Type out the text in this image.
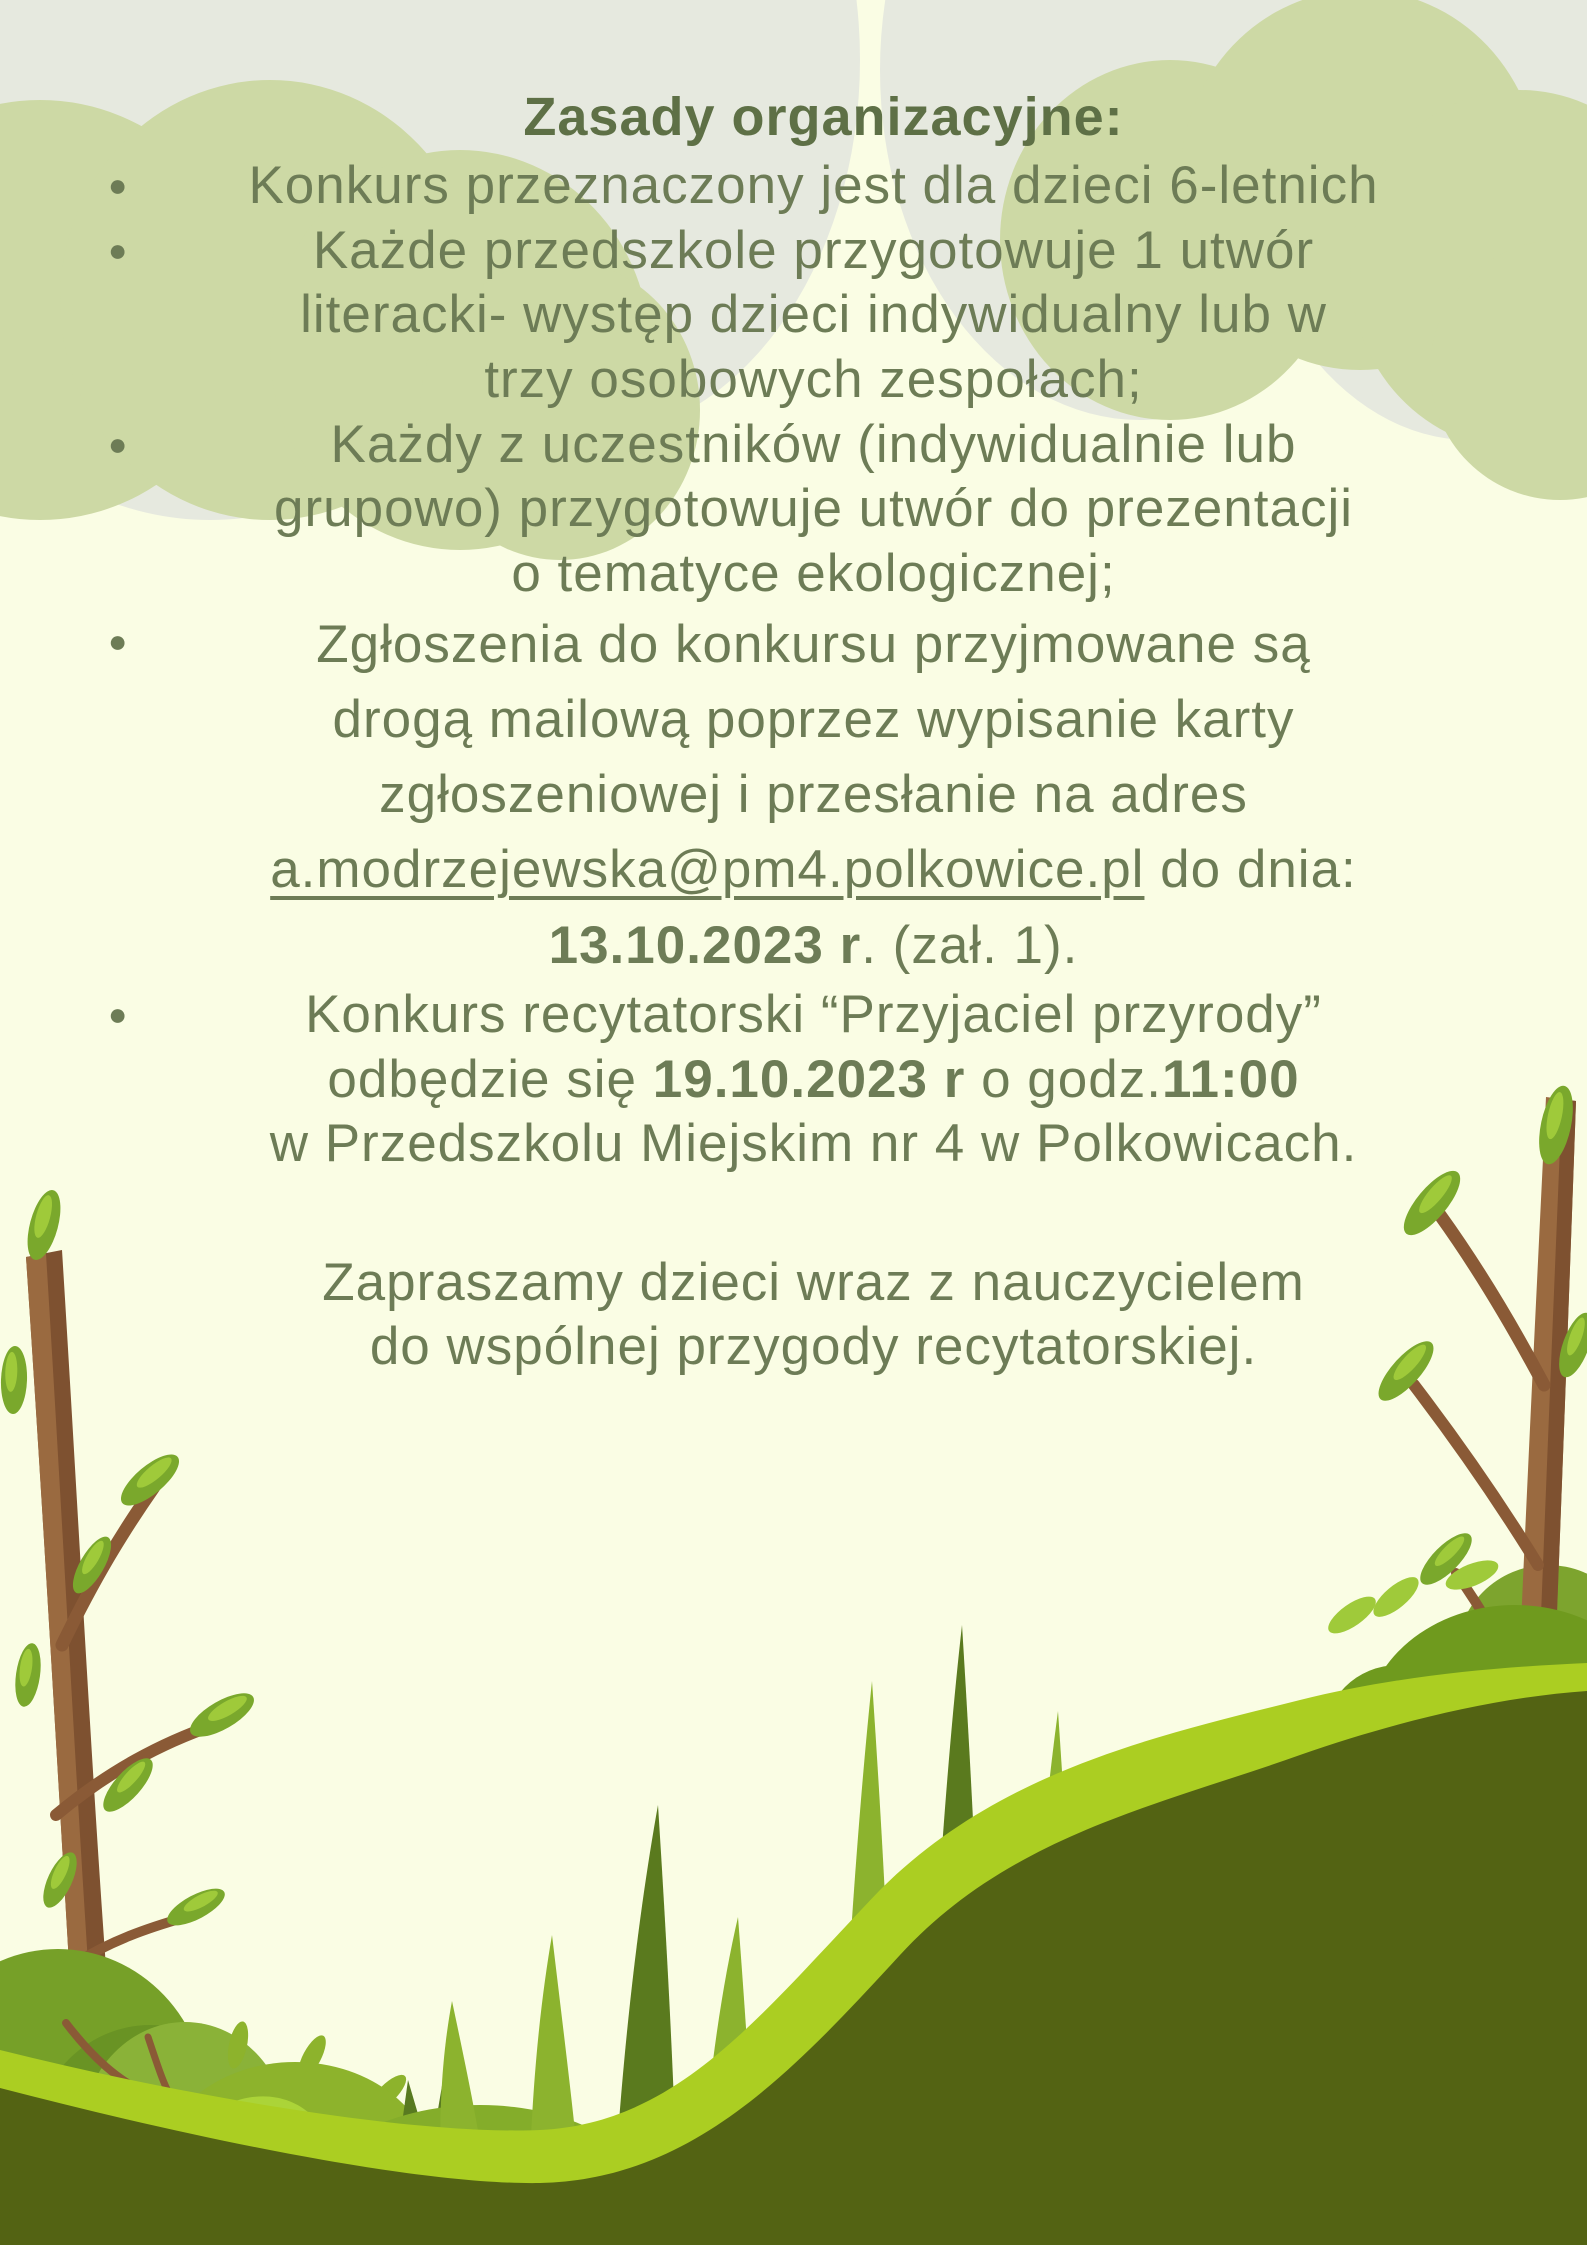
Zasady organizacyjne:
● Konkurs przeznaczony jest dla dzieci 6-letnich
● Każde przedszkole przygotowuje 1 utwór
literacki- występ dzieci indywidualny lub w
trzy osobowych zespołach;
● Każdy z uczestników (indywidualnie lub
grupowo) przygotowuje utwór do prezentacji
o tematyce ekologicznej;
● Zgłoszenia do konkursu przyjmowane są
drogą mailową poprzez wypisanie karty
zgłoszeniowej i przesłanie na adres
a.modrzejewska@pm4.polkowice.pl do dnia:
13.10.2023 r. (zał. 1).
● Konkurs recytatorski “Przyjaciel przyrody”
odbędzie się 19.10.2023 r o godz.11:00
w Przedszkolu Miejskim nr 4 w Polkowicach.

Zapraszamy dzieci wraz z nauczycielem
do wspólnej przygody recytatorskiej.
